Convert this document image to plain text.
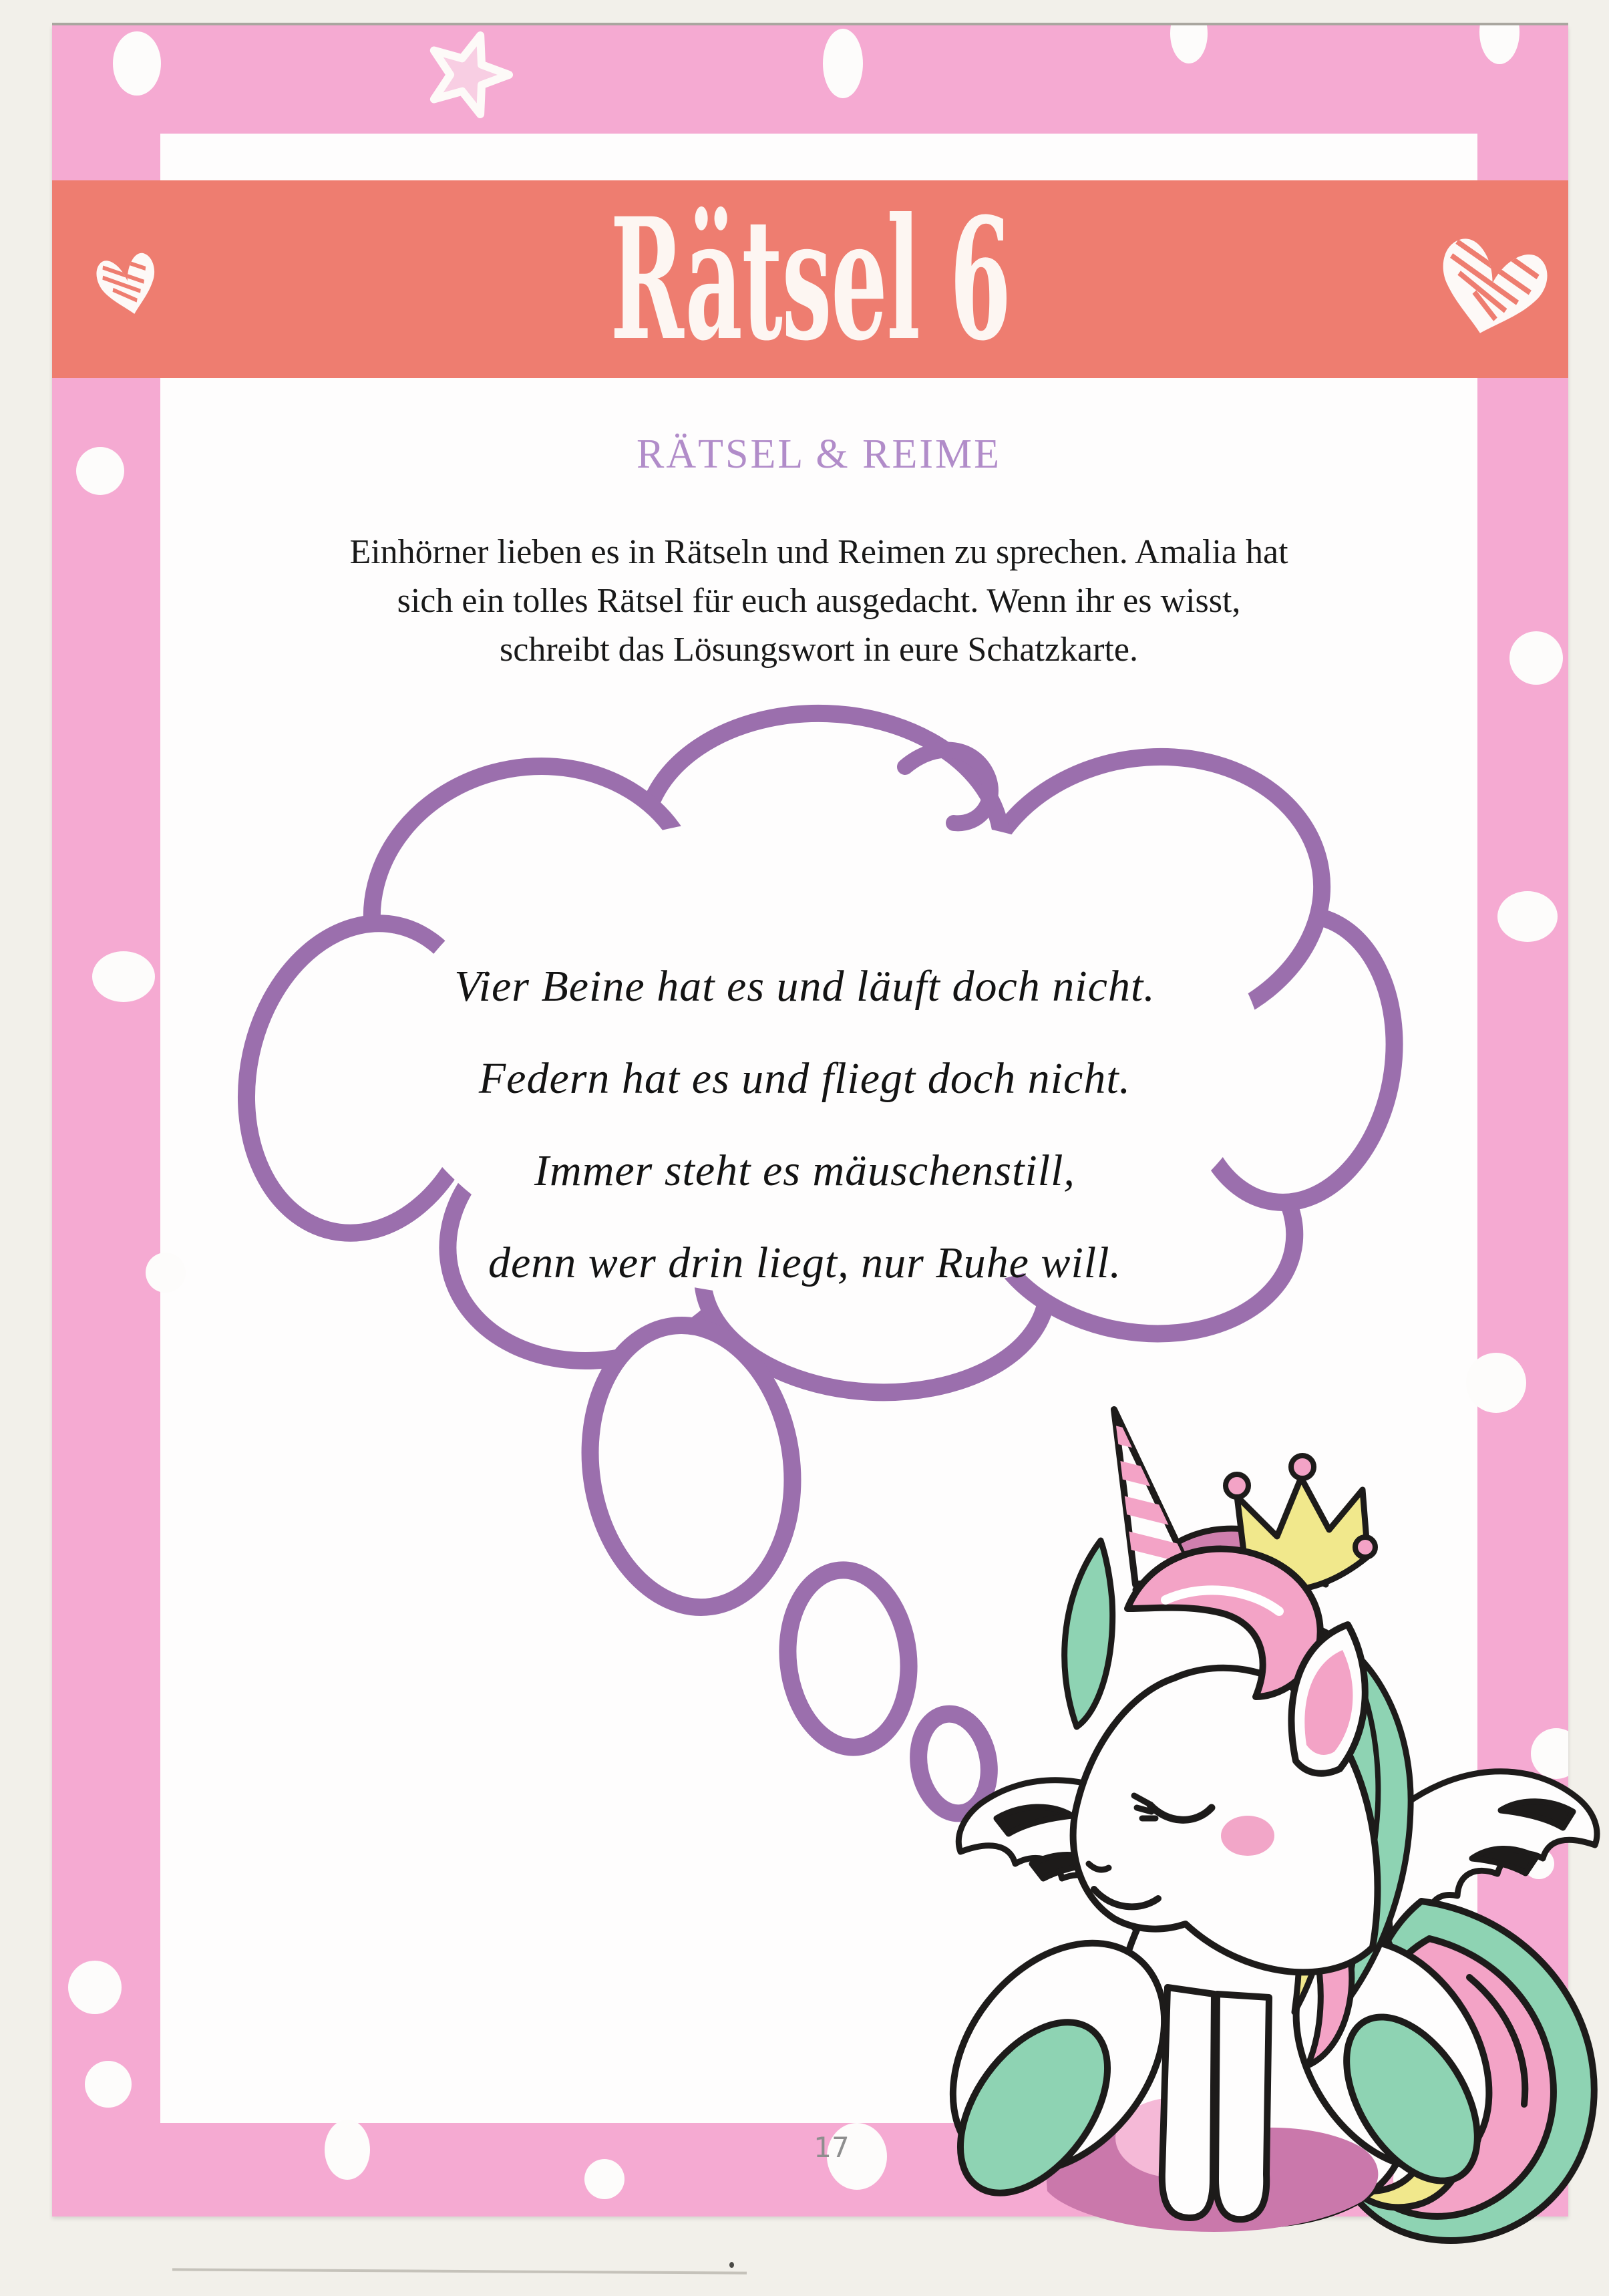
Rätsel 6
RÄTSEL & REIME
Einhörner lieben es in Rätseln und Reimen zu sprechen. Amalia hat
sich ein tolles Rätsel für euch ausgedacht. Wenn ihr es wisst,
schreibt das Lösungswort in eure Schatzkarte.
Vier Beine hat es und läuft doch nicht.
Federn hat es und fliegt doch nicht.
Immer steht es mäuschenstill,
denn wer drin liegt, nur Ruhe will.
17
